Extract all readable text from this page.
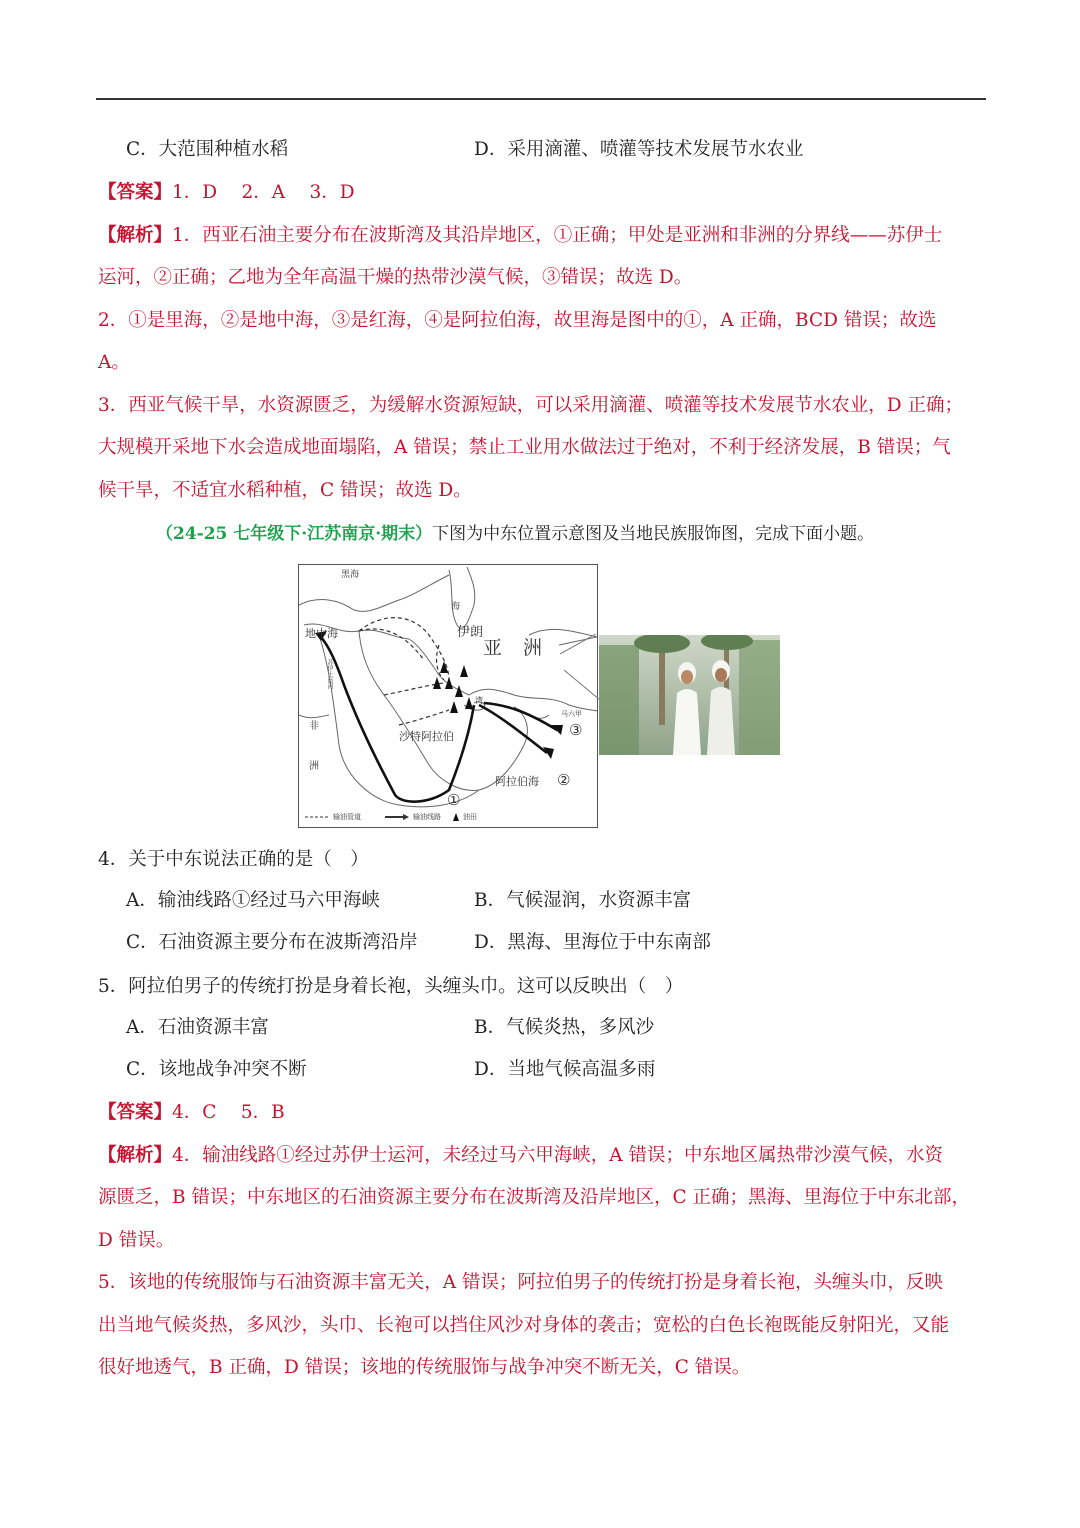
C．大范围种植水稻	D．采用滴灌、喷灌等技术发展节水农业
【答案】1．D　 2．A　 3．D
【解析】1．西亚石油主要分布在波斯湾及其沿岸地区，①正确；甲处是亚洲和非洲的分界线——苏伊士
运河，②正确；乙地为全年高温干燥的热带沙漠气候，③错误；故选 D。
2．①是里海，②是地中海，③是红海，④是阿拉伯海，故里海是图中的①，A 正确，BCD 错误；故选
A。
3．西亚气候干旱，水资源匮乏，为缓解水资源短缺，可以采用滴灌、喷灌等技术发展节水农业，D 正确；
大规模开采地下水会造成地面塌陷，A 错误；禁止工业用水做法过于绝对，不利于经济发展，B 错误；气
候干旱，不适宜水稻种植，C 错误；故选 D。
（24-25 七年级下·江苏南京·期末）下图为中东位置示意图及当地民族服饰图，完成下面小题。
黑海
海
伊朗
亚 洲
地中海
苏伊士运河
非
洲
沙特阿拉伯
阿拉伯海
湾
马六甲
①
②
③
输油管道	输油线路	油田
4．关于中东说法正确的是（　）
A．输油线路①经过马六甲海峡	B．气候湿润，水资源丰富
C．石油资源主要分布在波斯湾沿岸	D．黑海、里海位于中东南部
5．阿拉伯男子的传统打扮是身着长袍，头缠头巾。这可以反映出（　）
A．石油资源丰富	B．气候炎热，多风沙
C．该地战争冲突不断	D．当地气候高温多雨
【答案】4．C　 5．B
【解析】4．输油线路①经过苏伊士运河，未经过马六甲海峡，A 错误；中东地区属热带沙漠气候，水资
源匮乏，B 错误；中东地区的石油资源主要分布在波斯湾及沿岸地区，C 正确；黑海、里海位于中东北部，
D 错误。
5．该地的传统服饰与石油资源丰富无关，A 错误；阿拉伯男子的传统打扮是身着长袍，头缠头巾，反映
出当地气候炎热，多风沙，头巾、长袍可以挡住风沙对身体的袭击；宽松的白色长袍既能反射阳光，又能
很好地透气，B 正确，D 错误；该地的传统服饰与战争冲突不断无关，C 错误。
